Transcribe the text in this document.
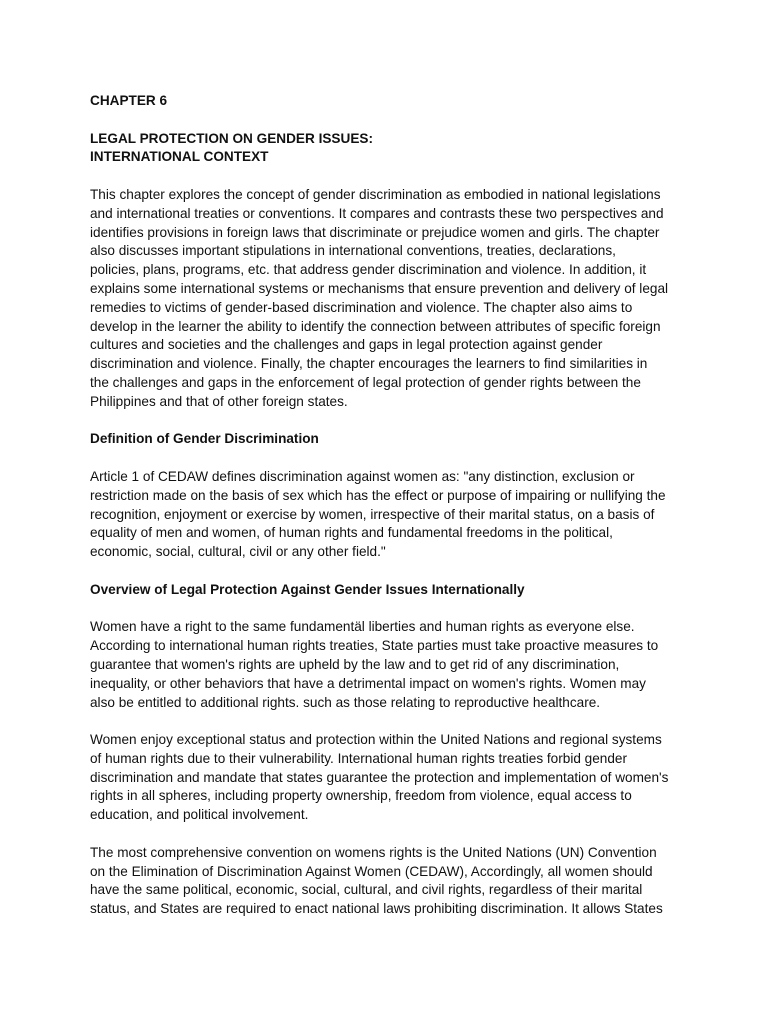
CHAPTER 6

LEGAL PROTECTION ON GENDER ISSUES:

INTERNATIONAL CONTEXT

This chapter explores the concept of gender discrimination as embodied in national legislations
and international treaties or conventions. It compares and contrasts these two perspectives and
identifies provisions in foreign laws that discriminate or prejudice women and girls. The chapter
also discusses important stipulations in international conventions, treaties, declarations,
policies, plans, programs, etc. that address gender discrimination and violence. In addition, it
explains some international systems or mechanisms that ensure prevention and delivery of legal
remedies to victims of gender-based discrimination and violence. The chapter also aims to
develop in the learner the ability to identify the connection between attributes of specific foreign
cultures and societies and the challenges and gaps in legal protection against gender
discrimination and violence. Finally, the chapter encourages the learners to find similarities in
the challenges and gaps in the enforcement of legal protection of gender rights between the
Philippines and that of other foreign states.

Definition of Gender Discrimination

Article 1 of CEDAW defines discrimination against women as: "any distinction, exclusion or
restriction made on the basis of sex which has the effect or purpose of impairing or nullifying the
recognition, enjoyment or exercise by women, irrespective of their marital status, on a basis of
equality of men and women, of human rights and fundamental freedoms in the political,
economic, social, cultural, civil or any other field."

Overview of Legal Protection Against Gender Issues Internationally

Women have a right to the same fundamentäl liberties and human rights as everyone else.
According to international human rights treaties, State parties must take proactive measures to
guarantee that women's rights are upheld by the law and to get rid of any discrimination,
inequality, or other behaviors that have a detrimental impact on women's rights. Women may
also be entitled to additional rights. such as those relating to reproductive healthcare.
Women enjoy exceptional status and protection within the United Nations and regional systems
of human rights due to their vulnerability. International human rights treaties forbid gender
discrimination and mandate that states guarantee the protection and implementation of women's
rights in all spheres, including property ownership, freedom from violence, equal access to
education, and political involvement.
The most comprehensive convention on womens rights is the United Nations (UN) Convention
on the Elimination of Discrimination Against Women (CEDAW), Accordingly, all women should
have the same political, economic, social, cultural, and civil rights, regardless of their marital
status, and States are required to enact national laws prohibiting discrimination. It allows States
